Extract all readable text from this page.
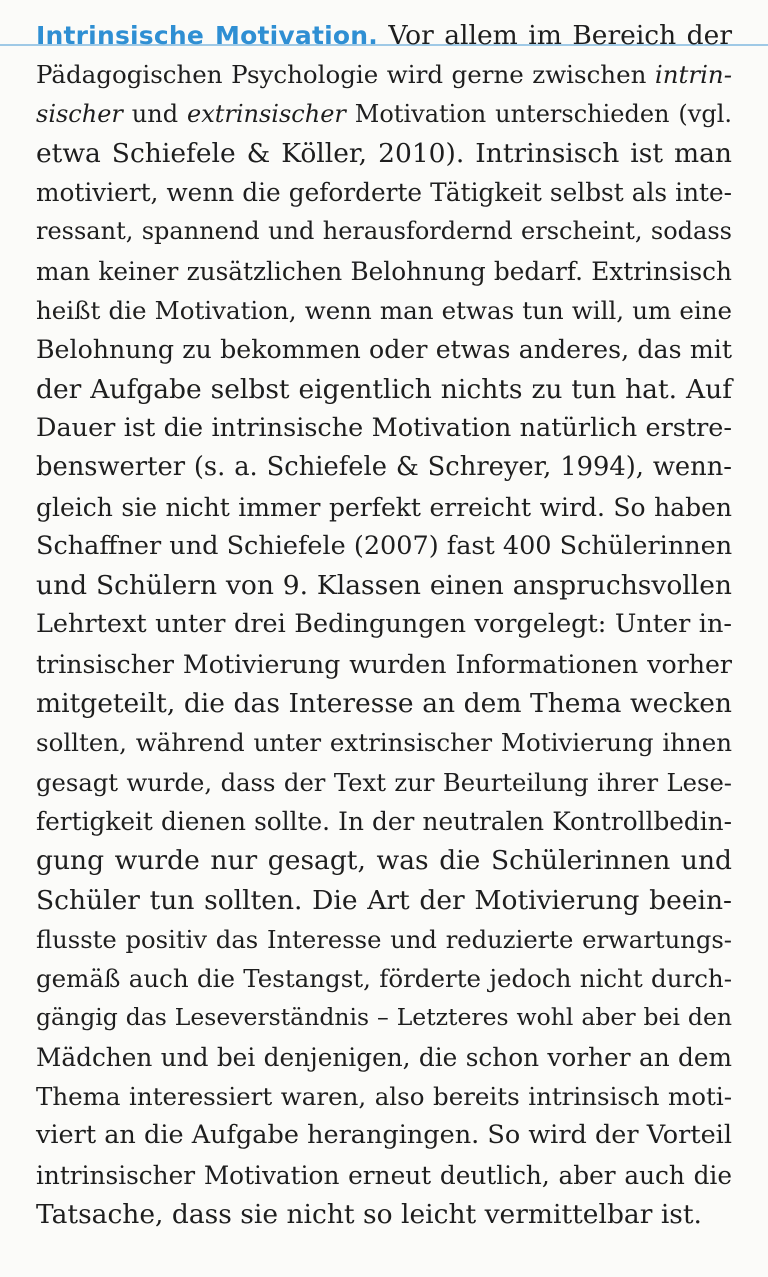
Intrinsische Motivation. Vor allem im Bereich der
Pädagogischen Psychologie wird gerne zwischen intrin-
sischer und extrinsischer Motivation unterschieden (vgl.
etwa Schiefele & Köller, 2010). Intrinsisch ist man
motiviert, wenn die geforderte Tätigkeit selbst als inte-
ressant, spannend und herausfordernd erscheint, sodass
man keiner zusätzlichen Belohnung bedarf. Extrinsisch
heißt die Motivation, wenn man etwas tun will, um eine
Belohnung zu bekommen oder etwas anderes, das mit
der Aufgabe selbst eigentlich nichts zu tun hat. Auf
Dauer ist die intrinsische Motivation natürlich erstre-
benswerter (s. a. Schiefele & Schreyer, 1994), wenn-
gleich sie nicht immer perfekt erreicht wird. So haben
Schaffner und Schiefele (2007) fast 400 Schülerinnen
und Schülern von 9. Klassen einen anspruchsvollen
Lehrtext unter drei Bedingungen vorgelegt: Unter in-
trinsischer Motivierung wurden Informationen vorher
mitgeteilt, die das Interesse an dem Thema wecken
sollten, während unter extrinsischer Motivierung ihnen
gesagt wurde, dass der Text zur Beurteilung ihrer Lese-
fertigkeit dienen sollte. In der neutralen Kontrollbedin-
gung wurde nur gesagt, was die Schülerinnen und
Schüler tun sollten. Die Art der Motivierung beein-
flusste positiv das Interesse und reduzierte erwartungs-
gemäß auch die Testangst, förderte jedoch nicht durch-
gängig das Leseverständnis – Letzteres wohl aber bei den
Mädchen und bei denjenigen, die schon vorher an dem
Thema interessiert waren, also bereits intrinsisch moti-
viert an die Aufgabe herangingen. So wird der Vorteil
intrinsischer Motivation erneut deutlich, aber auch die
Tatsache, dass sie nicht so leicht vermittelbar ist.
